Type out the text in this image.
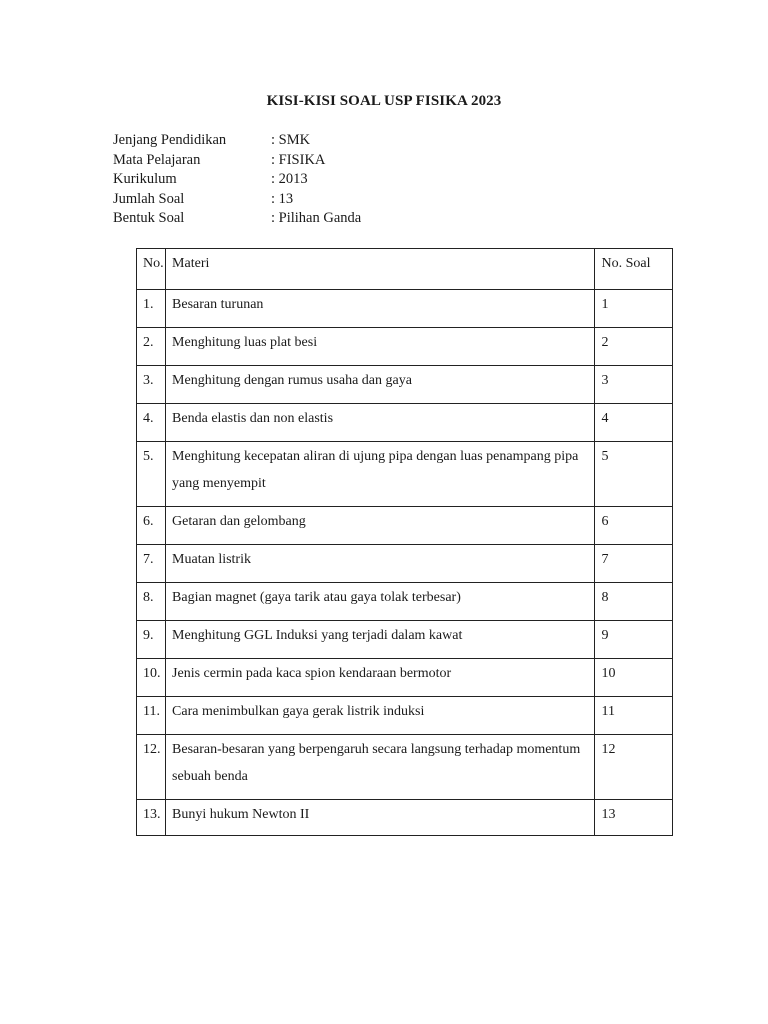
KISI-KISI SOAL USP FISIKA 2023
Jenjang Pendidikan	: SMK
Mata Pelajaran	: FISIKA
Kurikulum	: 2013
Jumlah Soal	: 13
Bentuk Soal	: Pilihan Ganda
No.	Materi	No. Soal

1.	Besaran turunan	1

2.	Menghitung luas plat besi	2

3.	Menghitung dengan rumus usaha dan gaya	3

4.	Benda elastis dan non elastis	4

5.	Menghitung kecepatan aliran di ujung pipa dengan luas penampang pipa yang menyempit	5

6.	Getaran dan gelombang	6

7.	Muatan listrik	7

8.	Bagian magnet (gaya tarik atau gaya tolak terbesar)	8

9.	Menghitung GGL Induksi yang terjadi dalam kawat	9

10.	Jenis cermin pada kaca spion kendaraan bermotor	10

11.	Cara menimbulkan gaya gerak listrik induksi	11

12.	Besaran-besaran yang berpengaruh secara langsung terhadap momentum sebuah benda	12

13.	Bunyi hukum Newton II	13
